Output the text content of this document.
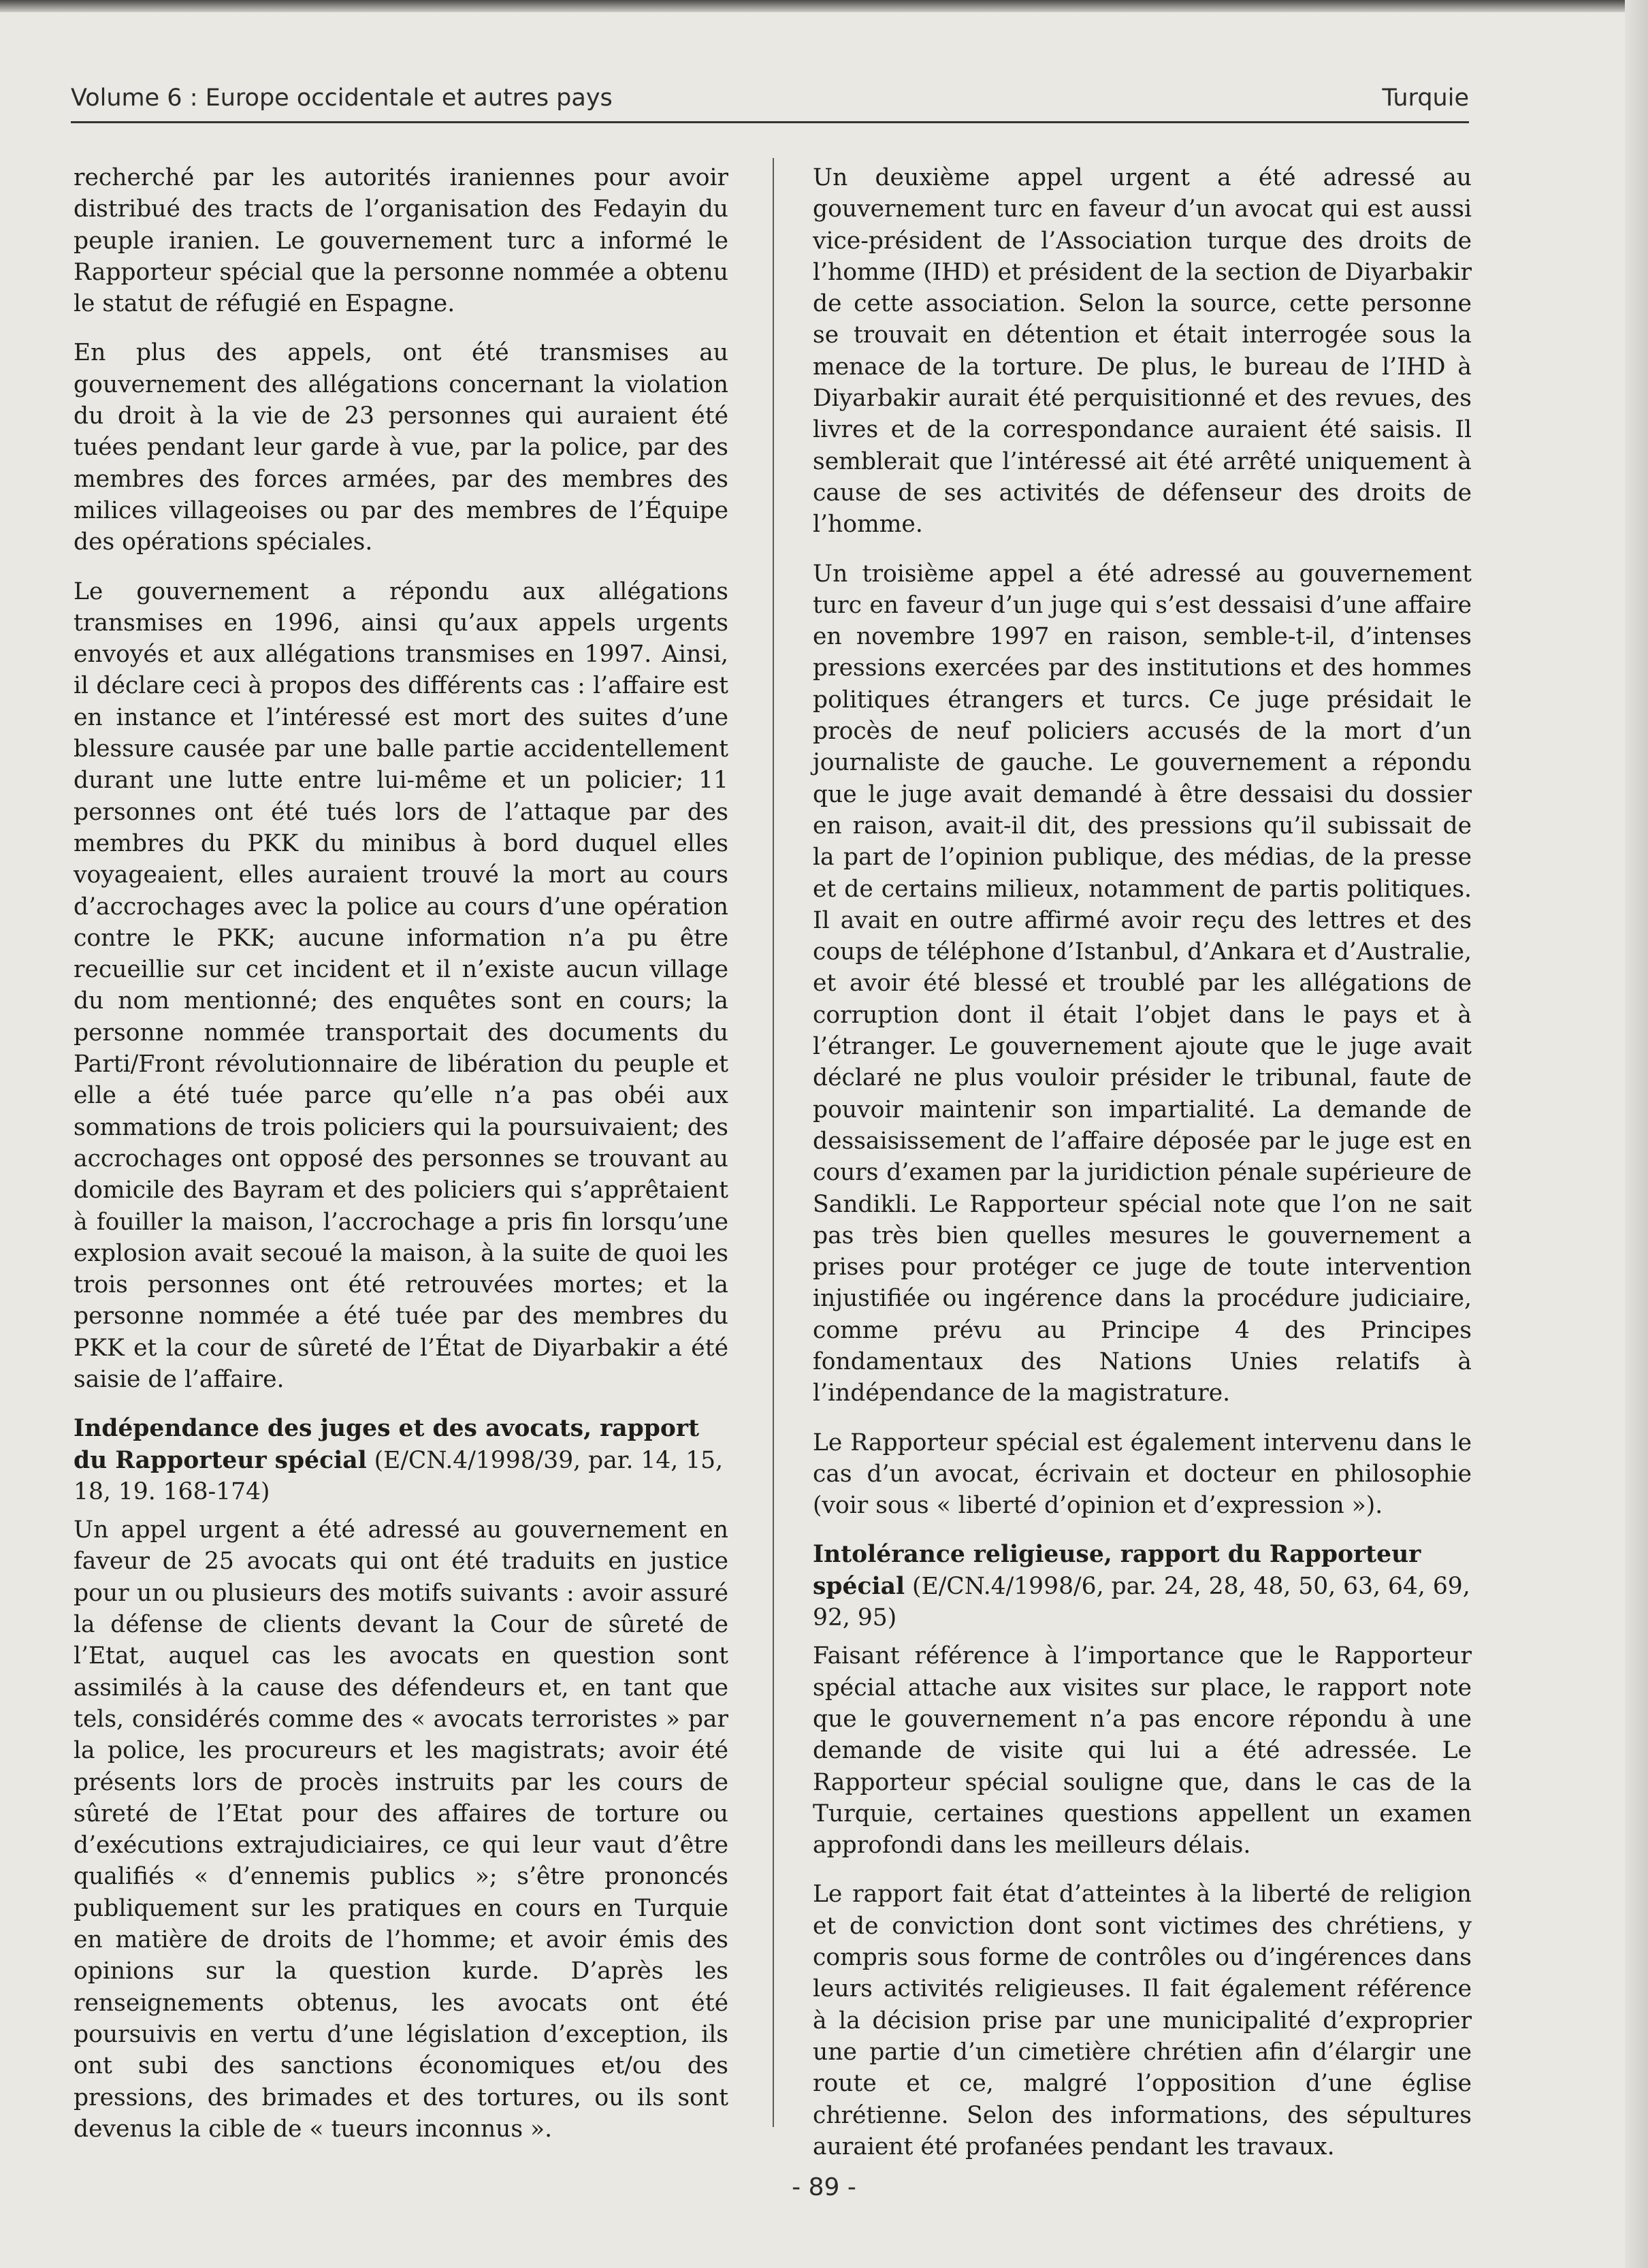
Volume 6 : Europe occidentale et autres pays	Turquie

recherché par les autorités iraniennes pour avoir distribué des tracts de l’organisation des Fedayin du peuple iranien. Le gouvernement turc a informé le Rapporteur spécial que la personne nommée a obtenu le statut de réfugié en Espagne.

En plus des appels, ont été transmises au gouvernement des allégations concernant la violation du droit à la vie de 23 personnes qui auraient été tuées pendant leur garde à vue, par la police, par des membres des forces armées, par des membres des milices villageoises ou par des membres de l’Équipe des opérations spéciales.

Le gouvernement a répondu aux allégations transmises en 1996, ainsi qu’aux appels urgents envoyés et aux allégations transmises en 1997. Ainsi, il déclare ceci à propos des différents cas : l’affaire est en instance et l’intéressé est mort des suites d’une blessure causée par une balle partie accidentellement durant une lutte entre lui-même et un policier; 11 personnes ont été tués lors de l’attaque par des membres du PKK du minibus à bord duquel elles voyageaient, elles auraient trouvé la mort au cours d’accrochages avec la police au cours d’une opération contre le PKK; aucune information n’a pu être recueillie sur cet incident et il n’existe aucun village du nom mentionné; des enquêtes sont en cours; la personne nommée transportait des documents du Parti/Front révolutionnaire de libération du peuple et elle a été tuée parce qu’elle n’a pas obéi aux sommations de trois policiers qui la poursuivaient; des accrochages ont opposé des personnes se trouvant au domicile des Bayram et des policiers qui s’apprêtaient à fouiller la maison, l’accrochage a pris fin lorsqu’une explosion avait secoué la maison, à la suite de quoi les trois personnes ont été retrouvées mortes; et la personne nommée a été tuée par des membres du PKK et la cour de sûreté de l’État de Diyarbakir a été saisie de l’affaire.

Indépendance des juges et des avocats, rapport du Rapporteur spécial (E/CN.4/1998/39, par. 14, 15, 18, 19. 168-174)

Un appel urgent a été adressé au gouvernement en faveur de 25 avocats qui ont été traduits en justice pour un ou plusieurs des motifs suivants : avoir assuré la défense de clients devant la Cour de sûreté de l’Etat, auquel cas les avocats en question sont assimilés à la cause des défendeurs et, en tant que tels, considérés comme des « avocats terroristes » par la police, les procureurs et les magistrats; avoir été présents lors de procès instruits par les cours de sûreté de l’Etat pour des affaires de torture ou d’exécutions extrajudiciaires, ce qui leur vaut d’être qualifiés « d’ennemis publics »; s’être prononcés publiquement sur les pratiques en cours en Turquie en matière de droits de l’homme; et avoir émis des opinions sur la question kurde. D’après les renseignements obtenus, les avocats ont été poursuivis en vertu d’une législation d’exception, ils ont subi des sanctions économiques et/ou des pressions, des brimades et des tortures, ou ils sont devenus la cible de « tueurs inconnus ».

Un deuxième appel urgent a été adressé au gouvernement turc en faveur d’un avocat qui est aussi vice-président de l’Association turque des droits de l’homme (IHD) et président de la section de Diyarbakir de cette association. Selon la source, cette personne se trouvait en détention et était interrogée sous la menace de la torture. De plus, le bureau de l’IHD à Diyarbakir aurait été perquisitionné et des revues, des livres et de la correspondance auraient été saisis. Il semblerait que l’intéressé ait été arrêté uniquement à cause de ses activités de défenseur des droits de l’homme.

Un troisième appel a été adressé au gouvernement turc en faveur d’un juge qui s’est dessaisi d’une affaire en novembre 1997 en raison, semble-t-il, d’intenses pressions exercées par des institutions et des hommes politiques étrangers et turcs. Ce juge présidait le procès de neuf policiers accusés de la mort d’un journaliste de gauche. Le gouvernement a répondu que le juge avait demandé à être dessaisi du dossier en raison, avait-il dit, des pressions qu’il subissait de la part de l’opinion publique, des médias, de la presse et de certains milieux, notamment de partis politiques. Il avait en outre affirmé avoir reçu des lettres et des coups de téléphone d’Istanbul, d’Ankara et d’Australie, et avoir été blessé et troublé par les allégations de corruption dont il était l’objet dans le pays et à l’étranger. Le gouvernement ajoute que le juge avait déclaré ne plus vouloir présider le tribunal, faute de pouvoir maintenir son impartialité. La demande de dessaisissement de l’affaire déposée par le juge est en cours d’examen par la juridiction pénale supérieure de Sandikli. Le Rapporteur spécial note que l’on ne sait pas très bien quelles mesures le gouvernement a prises pour protéger ce juge de toute intervention injustifiée ou ingérence dans la procédure judiciaire, comme prévu au Principe 4 des Principes fondamentaux des Nations Unies relatifs à l’indépendance de la magistrature.

Le Rapporteur spécial est également intervenu dans le cas d’un avocat, écrivain et docteur en philosophie (voir sous « liberté d’opinion et d’expression »).

Intolérance religieuse, rapport du Rapporteur spécial (E/CN.4/1998/6, par. 24, 28, 48, 50, 63, 64, 69, 92, 95)

Faisant référence à l’importance que le Rapporteur spécial attache aux visites sur place, le rapport note que le gouvernement n’a pas encore répondu à une demande de visite qui lui a été adressée. Le Rapporteur spécial souligne que, dans le cas de la Turquie, certaines questions appellent un examen approfondi dans les meilleurs délais.

Le rapport fait état d’atteintes à la liberté de religion et de conviction dont sont victimes des chrétiens, y compris sous forme de contrôles ou d’ingérences dans leurs activités religieuses. Il fait également référence à la décision prise par une municipalité d’exproprier une partie d’un cimetière chrétien afin d’élargir une route et ce, malgré l’opposition d’une église chrétienne. Selon des informations, des sépultures auraient été profanées pendant les travaux.

- 89 -
